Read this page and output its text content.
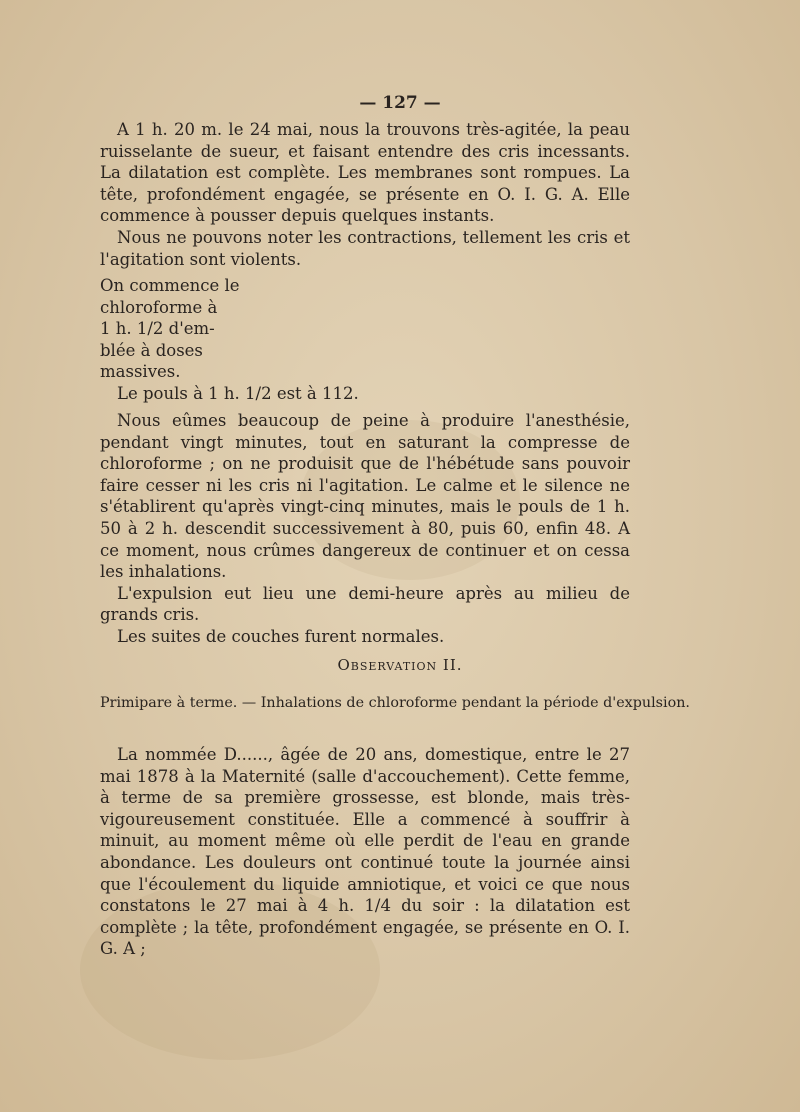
— 127 —

A 1 h. 20 m. le 24 mai, nous la trouvons très-agitée, la peau ruisselante de sueur, et faisant entendre des cris incessants. La dilatation est complète. Les membranes sont rompues. La tête, profondément engagée, se présente en O. I. G. A. Elle commence à pousser depuis quelques instants.

Nous ne pouvons noter les contractions, tellement les cris et l'agitation sont violents.

On commence le

chloroforme à

1 h. 1/2 d'em-

blée à doses

massives.

Le pouls à 1 h. 1/2 est à 112.

Nous eûmes beaucoup de peine à produire l'anesthésie, pendant vingt minutes, tout en saturant la compresse de chloroforme ; on ne produisit que de l'hébétude sans pouvoir faire cesser ni les cris ni l'agitation. Le calme et le silence ne s'établirent qu'après vingt-cinq minutes, mais le pouls de 1 h. 50 à 2 h. descendit successivement à 80, puis 60, enfin 48. A ce moment, nous crûmes dangereux de continuer et on cessa les inhalations.

L'expulsion eut lieu une demi-heure après au milieu de grands cris.

Les suites de couches furent normales.

Observation II.
Primipare à terme. — Inhalations de chloroforme pendant la période d'expulsion.

La nommée D......, âgée de 20 ans, domestique, entre le 27 mai 1878 à la Maternité (salle d'accouchement). Cette femme, à terme de sa première grossesse, est blonde, mais très-vigoureusement constituée. Elle a commencé à souffrir à minuit, au moment même où elle perdit de l'eau en grande abondance. Les douleurs ont continué toute la journée ainsi que l'écoulement du liquide amniotique, et voici ce que nous constatons le 27 mai à 4 h. 1/4 du soir : la dilatation est complète ; la tête, profondément engagée, se présente en O. I. G. A ;
